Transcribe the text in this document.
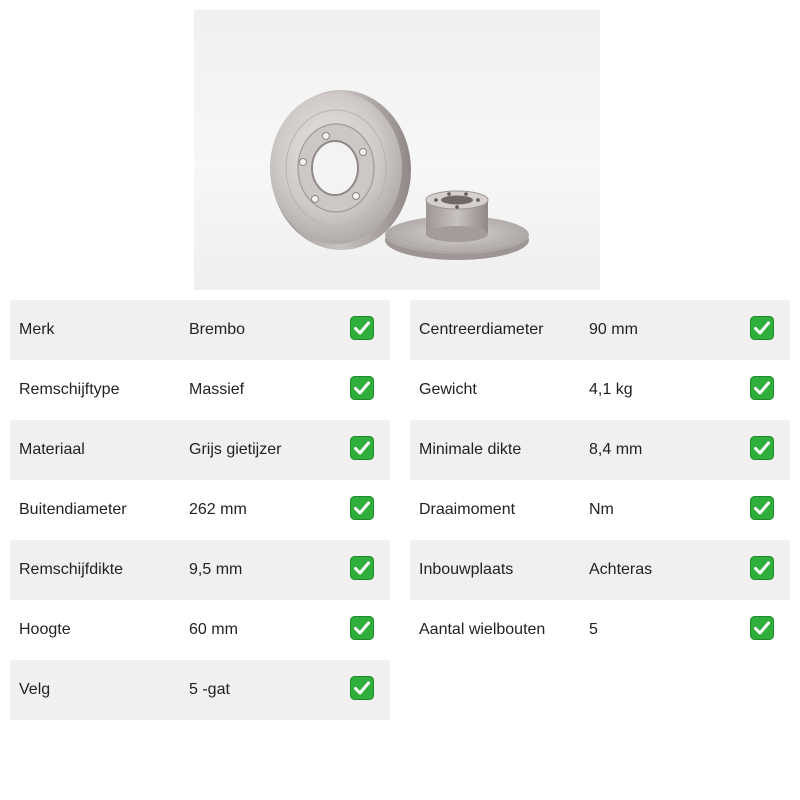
Merk	Brembo
Remschijftype	Massief
Materiaal	Grijs gietijzer
Buitendiameter	262 mm
Remschijfdikte	9,5 mm
Hoogte	60 mm
Velg	5 -gat
Centreerdiameter	90 mm
Gewicht	4,1 kg
Minimale dikte	8,4 mm
Draaimoment	Nm
Inbouwplaats	Achteras
Aantal wielbouten	5
